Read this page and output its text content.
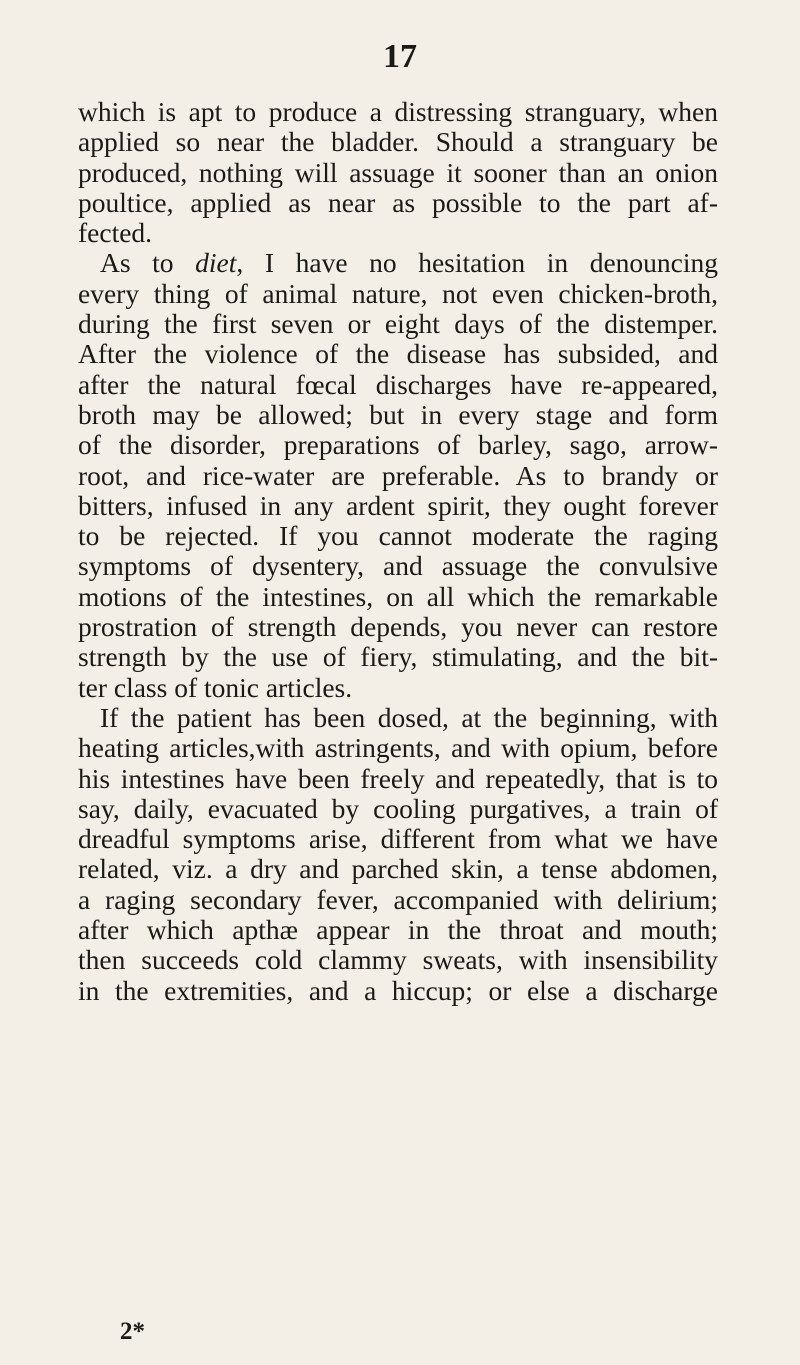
17
which is apt to produce a distressing stranguary, when
applied so near the bladder. Should a stranguary be
produced, nothing will assuage it sooner than an onion
poultice, applied as near as possible to the part af-
fected.
As to diet, I have no hesitation in denouncing
every thing of animal nature, not even chicken-broth,
during the first seven or eight days of the distemper.
After the violence of the disease has subsided, and
after the natural fœcal discharges have re-appeared,
broth may be allowed; but in every stage and form
of the disorder, preparations of barley, sago, arrow-
root, and rice-water are preferable. As to brandy or
bitters, infused in any ardent spirit, they ought forever
to be rejected. If you cannot moderate the raging
symptoms of dysentery, and assuage the convulsive
motions of the intestines, on all which the remarkable
prostration of strength depends, you never can restore
strength by the use of fiery, stimulating, and the bit-
ter class of tonic articles.
If the patient has been dosed, at the beginning, with
heating articles,with astringents, and with opium, before
his intestines have been freely and repeatedly, that is to
say, daily, evacuated by cooling purgatives, a train of
dreadful symptoms arise, different from what we have
related, viz. a dry and parched skin, a tense abdomen,
a raging secondary fever, accompanied with delirium;
after which apthæ appear in the throat and mouth;
then succeeds cold clammy sweats, with insensibility
in the extremities, and a hiccup; or else a discharge
2*
